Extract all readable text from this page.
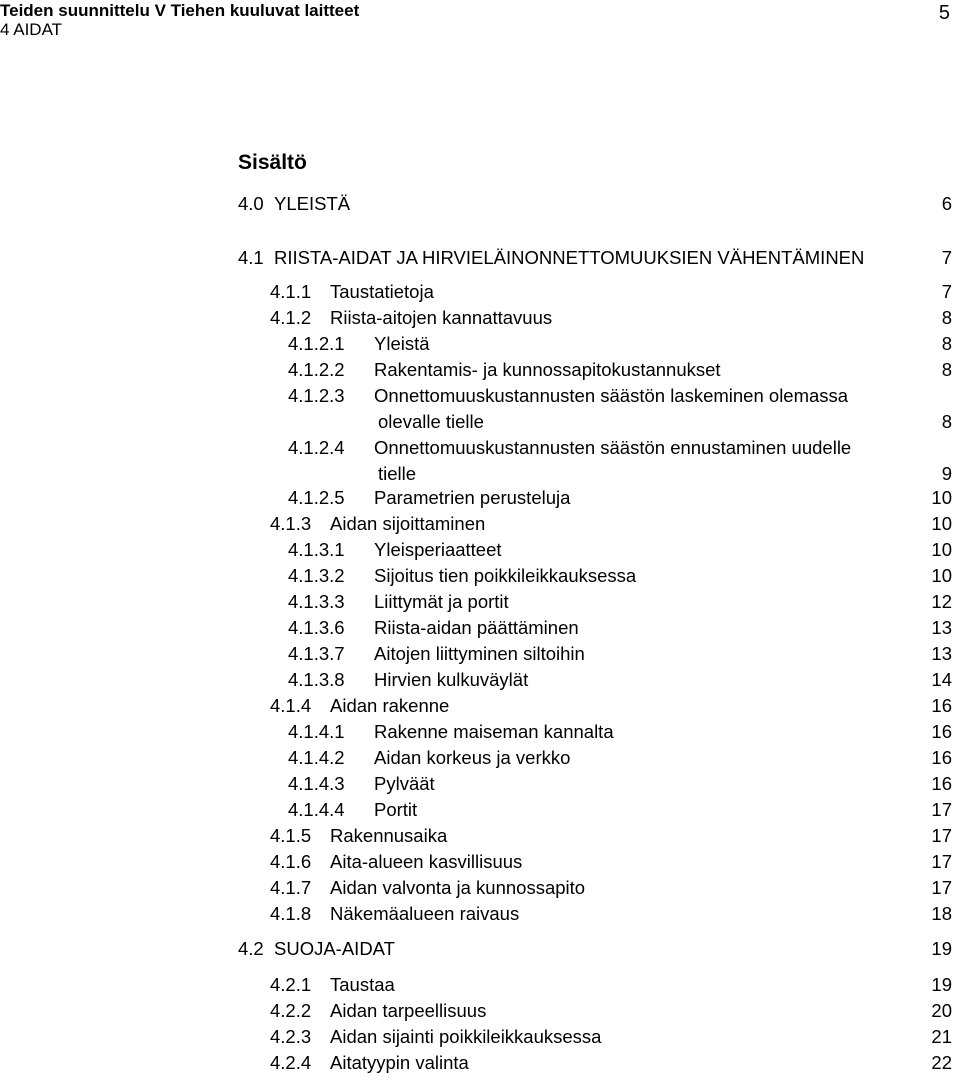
Teiden suunnittelu V Tiehen kuuluvat laitteet
4 AIDAT
5
Sisältö
4.0 YLEISTÄ	6
4.1 RIISTA-AIDAT JA HIRVIELÄINONNETTOMUUKSIEN VÄHENTÄMINEN	7
4.1.1 Taustatietoja	7
4.1.2 Riista-aitojen kannattavuus	8
4.1.2.1 Yleistä	8
4.1.2.2 Rakentamis- ja kunnossapitokustannukset	8
4.1.2.3 Onnettomuuskustannusten säästön laskeminen olemassa
olevalle tielle	8
4.1.2.4 Onnettomuuskustannusten säästön ennustaminen uudelle
tielle	9
4.1.2.5 Parametrien perusteluja	10
4.1.3 Aidan sijoittaminen	10
4.1.3.1 Yleisperiaatteet	10
4.1.3.2 Sijoitus tien poikkileikkauksessa	10
4.1.3.3 Liittymät ja portit	12
4.1.3.6 Riista-aidan päättäminen	13
4.1.3.7 Aitojen liittyminen siltoihin	13
4.1.3.8 Hirvien kulkuväylät	14
4.1.4 Aidan rakenne	16
4.1.4.1 Rakenne maiseman kannalta	16
4.1.4.2 Aidan korkeus ja verkko	16
4.1.4.3 Pylväät	16
4.1.4.4 Portit	17
4.1.5 Rakennusaika	17
4.1.6 Aita-alueen kasvillisuus	17
4.1.7 Aidan valvonta ja kunnossapito	17
4.1.8 Näkemäalueen raivaus	18
4.2 SUOJA-AIDAT	19
4.2.1 Taustaa	19
4.2.2 Aidan tarpeellisuus	20
4.2.3 Aidan sijainti poikkileikkauksessa	21
4.2.4 Aitatyypin valinta	22
